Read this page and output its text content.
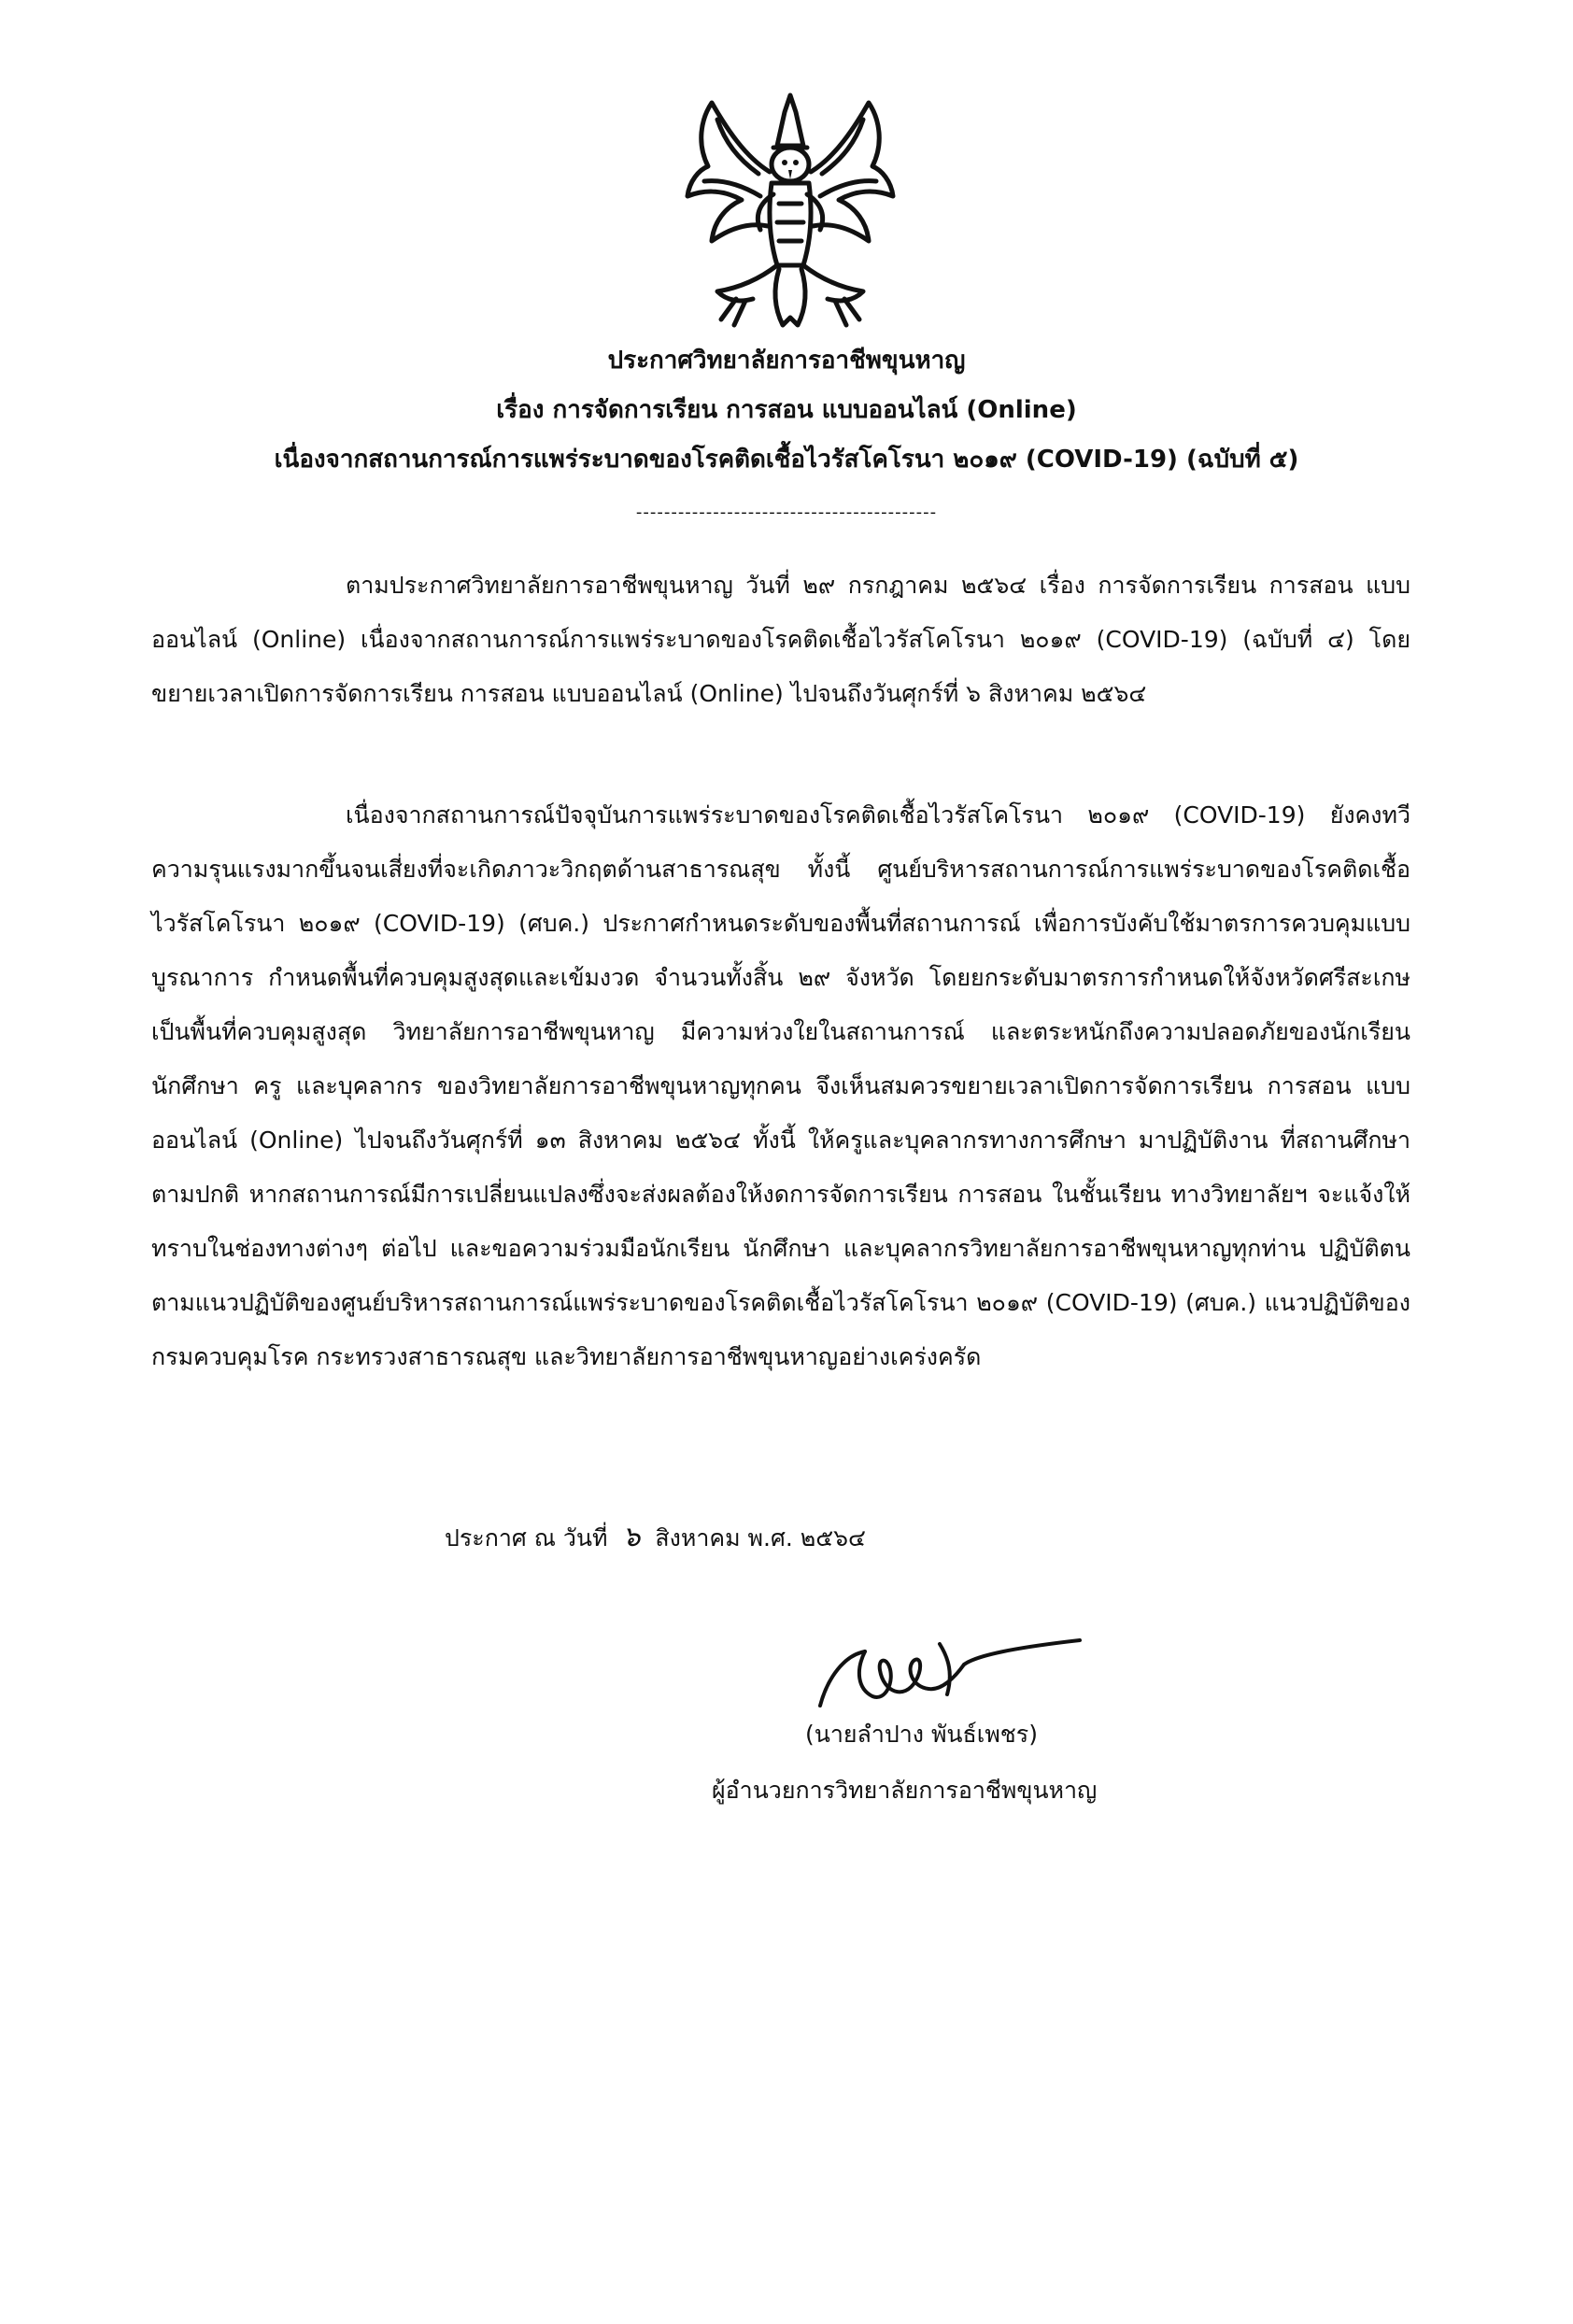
ประกาศวิทยาลัยการอาชีพขุนหาญ
เรื่อง การจัดการเรียน การสอน แบบออนไลน์ (Online)
เนื่องจากสถานการณ์การแพร่ระบาดของโรคติดเชื้อไวรัสโคโรนา ๒๐๑๙ (COVID-19) (ฉบับที่ ๕)
-------------------------------------------
ตามประกาศวิทยาลัยการอาชีพขุนหาญ วันที่ ๒๙ กรกฎาคม ๒๕๖๔ เรื่อง การจัดการเรียน การสอน แบบออนไลน์ (Online) เนื่องจากสถานการณ์การแพร่ระบาดของโรคติดเชื้อไวรัสโคโรนา ๒๐๑๙ (COVID-19) (ฉบับที่ ๔) โดยขยายเวลาเปิดการจัดการเรียน การสอน แบบออนไลน์ (Online) ไปจนถึงวันศุกร์ที่ ๖ สิงหาคม ๒๕๖๔
เนื่องจากสถานการณ์ปัจจุบันการแพร่ระบาดของโรคติดเชื้อไวรัสโคโรนา ๒๐๑๙ (COVID-19) ยังคงทวีความรุนแรงมากขึ้นจนเสี่ยงที่จะเกิดภาวะวิกฤตด้านสาธารณสุข ทั้งนี้ ศูนย์บริหารสถานการณ์การแพร่ระบาดของโรคติดเชื้อไวรัสโคโรนา ๒๐๑๙ (COVID-19) (ศบค.) ประกาศกำหนดระดับของพื้นที่สถานการณ์ เพื่อการบังคับใช้มาตรการควบคุมแบบบูรณาการ กำหนดพื้นที่ควบคุมสูงสุดและเข้มงวด จำนวนทั้งสิ้น ๒๙ จังหวัด โดยยกระดับมาตรการกำหนดให้จังหวัดศรีสะเกษเป็นพื้นที่ควบคุมสูงสุด วิทยาลัยการอาชีพขุนหาญ มีความห่วงใยในสถานการณ์ และตระหนักถึงความปลอดภัยของนักเรียน นักศึกษา ครู และบุคลากร ของวิทยาลัยการอาชีพขุนหาญทุกคน จึงเห็นสมควรขยายเวลาเปิดการจัดการเรียน การสอน แบบออนไลน์ (Online) ไปจนถึงวันศุกร์ที่ ๑๓ สิงหาคม ๒๕๖๔ ทั้งนี้ ให้ครูและบุคลากรทางการศึกษา มาปฏิบัติงาน ที่สถานศึกษาตามปกติ หากสถานการณ์มีการเปลี่ยนแปลงซึ่งจะส่งผลต้องให้งดการจัดการเรียน การสอน ในชั้นเรียน ทางวิทยาลัยฯ จะแจ้งให้ทราบในช่องทางต่างๆ ต่อไป และขอความร่วมมือนักเรียน นักศึกษา และบุคลากรวิทยาลัยการอาชีพขุนหาญทุกท่าน ปฏิบัติตนตามแนวปฏิบัติของศูนย์บริหารสถานการณ์แพร่ระบาดของโรคติดเชื้อไวรัสโคโรนา ๒๐๑๙ (COVID-19) (ศบค.) แนวปฏิบัติของกรมควบคุมโรค กระทรวงสาธารณสุข และวิทยาลัยการอาชีพขุนหาญอย่างเคร่งครัด
ประกาศ ณ วันที่ ๖ สิงหาคม พ.ศ. ๒๕๖๔
(นายลำปาง พันธ์เพชร)
ผู้อำนวยการวิทยาลัยการอาชีพขุนหาญ
